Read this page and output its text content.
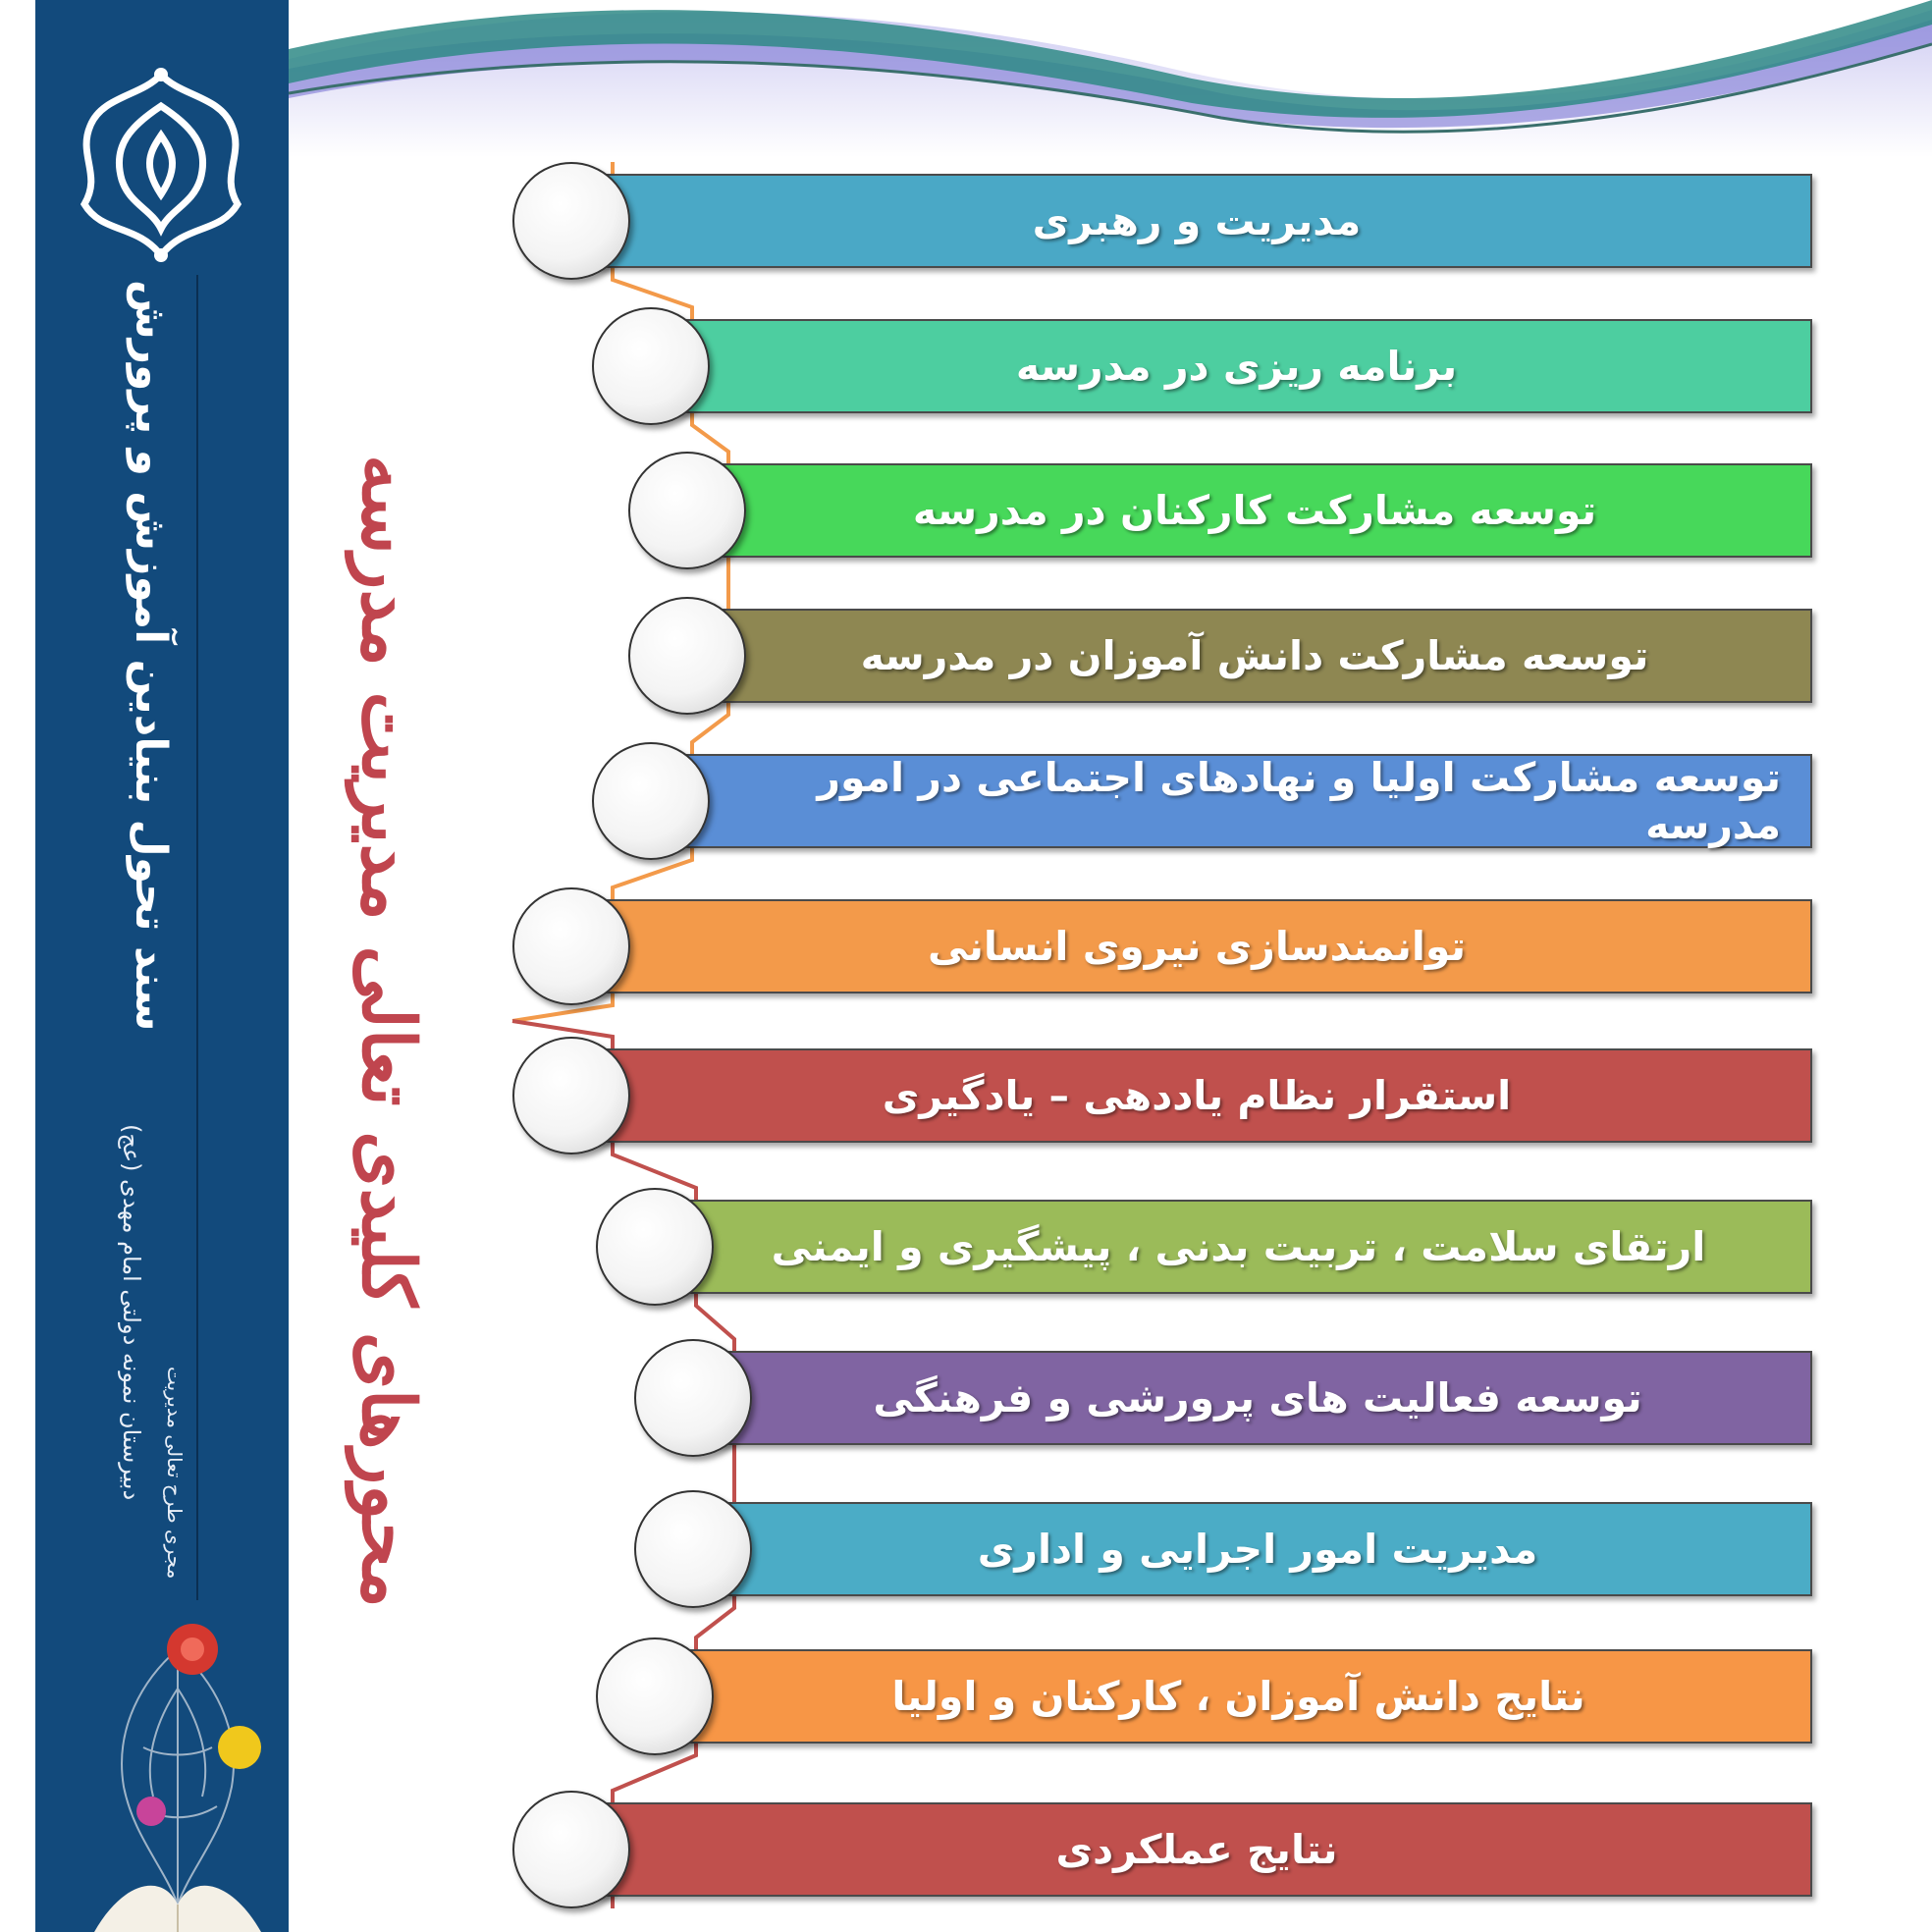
سند تحول بنیادین آموزش و پرورش
دبیرستان نمونه دولتی امام مهدی (عج) مجری طرح تعالی مدیریت محورهای کلیدی تعالی مدیریت مدرسه
مدیریت و رهبری
برنامه ریزی در مدرسه
توسعه مشارکت کارکنان در مدرسه
توسعه مشارکت دانش آموزان در مدرسه
توسعه مشارکت اولیا و نهادهای اجتماعی در امور مدرسه
توانمندسازی نیروی انسانی
استقرار نظام یاددهی – یادگیری
ارتقای سلامت ، تربیت بدنی ، پیشگیری و ایمنی
توسعه فعالیت های پرورشی و فرهنگی
مدیریت امور اجرایی و اداری
نتایج دانش آموزان ، کارکنان و اولیا
نتایج عملکردی
